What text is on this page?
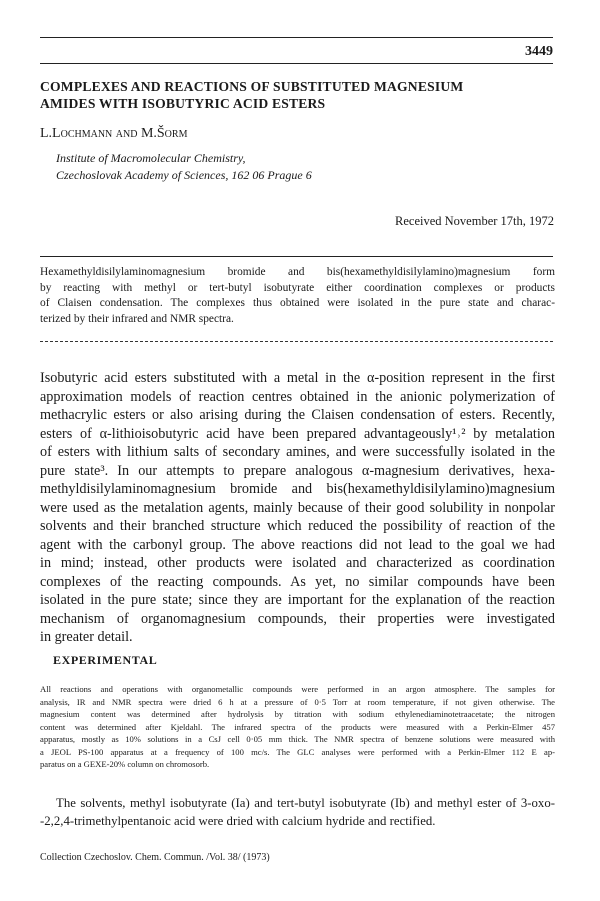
3449
COMPLEXES AND REACTIONS OF SUBSTITUTED MAGNESIUM
AMIDES WITH ISOBUTYRIC ACID ESTERS
L.Lochmann and M.Šorm
Institute of Macromolecular Chemistry,
Czechoslovak Academy of Sciences, 162 06 Prague 6
Received November 17th, 1972
Hexamethyldisilylaminomagnesium bromide and bis(hexamethyldisilylamino)magnesium form
by reacting with methyl or tert-butyl isobutyrate either coordination complexes or products
of Claisen condensation. The complexes thus obtained were isolated in the pure state and charac-
terized by their infrared and NMR spectra.
Isobutyric acid esters substituted with a metal in the α-position represent in the first
approximation models of reaction centres obtained in the anionic polymerization of
methacrylic esters or also arising during the Claisen condensation of esters. Recently,
esters of α-lithioisobutyric acid have been prepared advantageously¹˒² by metalation
of esters with lithium salts of secondary amines, and were successfully isolated in the
pure state³. In our attempts to prepare analogous α-magnesium derivatives, hexa-
methyldisilylaminomagnesium bromide and bis(hexamethyldisilylamino)magnesium
were used as the metalation agents, mainly because of their good solubility in nonpolar
solvents and their branched structure which reduced the possibility of reaction of the
agent with the carbonyl group. The above reactions did not lead to the goal we had
in mind; instead, other products were isolated and characterized as coordination
complexes of the reacting compounds. As yet, no similar compounds have been
isolated in the pure state; since they are important for the explanation of the reaction
mechanism of organomagnesium compounds, their properties were investigated
in greater detail.
EXPERIMENTAL
All reactions and operations with organometallic compounds were performed in an argon atmosphere. The samples for
analysis, IR and NMR spectra were dried 6 h at a pressure of 0·5 Torr at room temperature, if not given otherwise. The
magnesium content was determined after hydrolysis by titration with sodium ethylenediaminotetraacetate; the nitrogen
content was determined after Kjeldahl. The infrared spectra of the products were measured with a Perkin-Elmer 457
apparatus, mostly as 10% solutions in a CsJ cell 0·05 mm thick. The NMR spectra of benzene solutions were measured with
a JEOL PS-100 apparatus at a frequency of 100 mc/s. The GLC analyses were performed with a Perkin-Elmer 112 E ap-
paratus on a GEXE-20% column on chromosorb.
The solvents, methyl isobutyrate (Ia) and tert-butyl isobutyrate (Ib) and methyl ester of 3-oxo-
-2,2,4-trimethylpentanoic acid were dried with calcium hydride and rectified.
Collection Czechoslov. Chem. Commun. /Vol. 38/ (1973)
